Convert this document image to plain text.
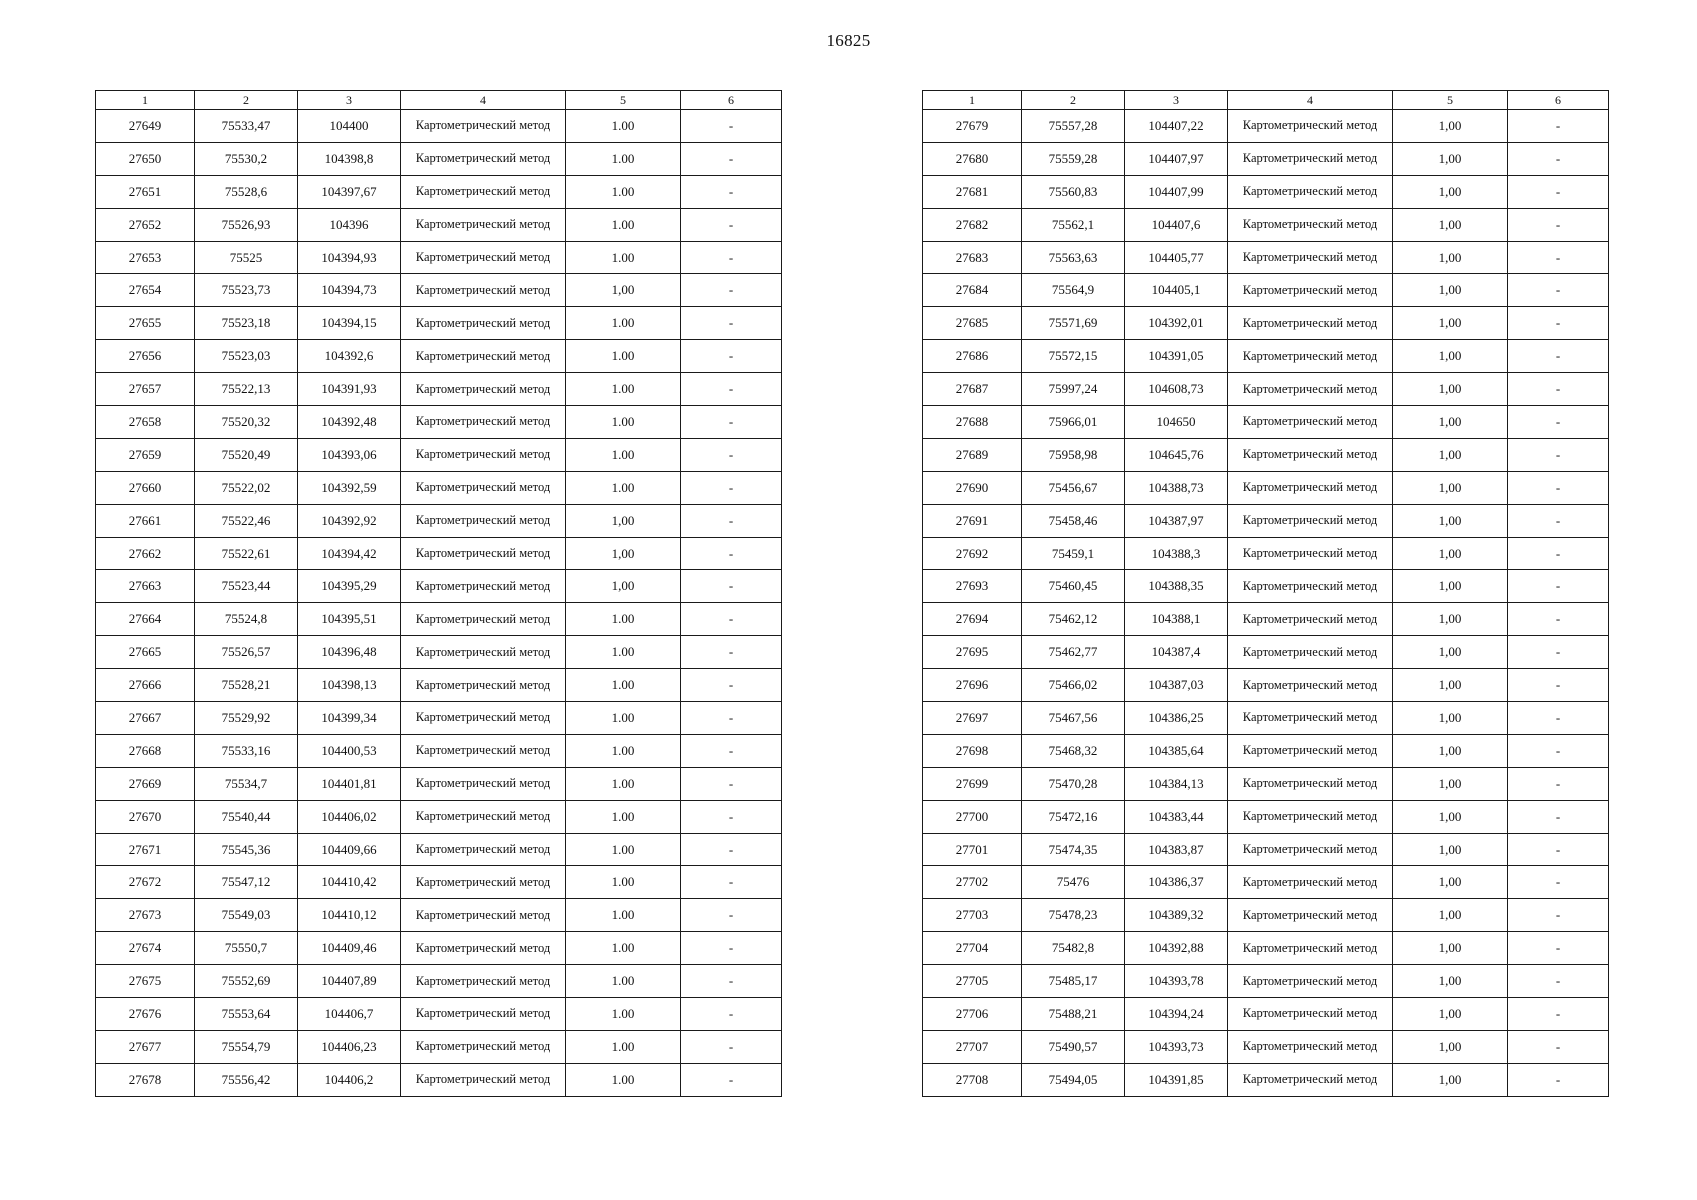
16825
1	2	3	4	5	6
27649	75533,47	104400	Картометрический метод	1.00	-
27650	75530,2	104398,8	Картометрический метод	1.00	-
27651	75528,6	104397,67	Картометрический метод	1.00	-
27652	75526,93	104396	Картометрический метод	1.00	-
27653	75525	104394,93	Картометрический метод	1.00	-
27654	75523,73	104394,73	Картометрический метод	1,00	-
27655	75523,18	104394,15	Картометрический метод	1.00	-
27656	75523,03	104392,6	Картометрический метод	1.00	-
27657	75522,13	104391,93	Картометрический метод	1.00	-
27658	75520,32	104392,48	Картометрический метод	1.00	-
27659	75520,49	104393,06	Картометрический метод	1.00	-
27660	75522,02	104392,59	Картометрический метод	1.00	-
27661	75522,46	104392,92	Картометрический метод	1,00	-
27662	75522,61	104394,42	Картометрический метод	1,00	-
27663	75523,44	104395,29	Картометрический метод	1,00	-
27664	75524,8	104395,51	Картометрический метод	1.00	-
27665	75526,57	104396,48	Картометрический метод	1.00	-
27666	75528,21	104398,13	Картометрический метод	1.00	-
27667	75529,92	104399,34	Картометрический метод	1.00	-
27668	75533,16	104400,53	Картометрический метод	1.00	-
27669	75534,7	104401,81	Картометрический метод	1.00	-
27670	75540,44	104406,02	Картометрический метод	1.00	-
27671	75545,36	104409,66	Картометрический метод	1.00	-
27672	75547,12	104410,42	Картометрический метод	1.00	-
27673	75549,03	104410,12	Картометрический метод	1.00	-
27674	75550,7	104409,46	Картометрический метод	1.00	-
27675	75552,69	104407,89	Картометрический метод	1.00	-
27676	75553,64	104406,7	Картометрический метод	1.00	-
27677	75554,79	104406,23	Картометрический метод	1.00	-
27678	75556,42	104406,2	Картометрический метод	1.00	-
1	2	3	4	5	6
27679	75557,28	104407,22	Картометрический метод	1,00	-
27680	75559,28	104407,97	Картометрический метод	1,00	-
27681	75560,83	104407,99	Картометрический метод	1,00	-
27682	75562,1	104407,6	Картометрический метод	1,00	-
27683	75563,63	104405,77	Картометрический метод	1,00	-
27684	75564,9	104405,1	Картометрический метод	1,00	-
27685	75571,69	104392,01	Картометрический метод	1,00	-
27686	75572,15	104391,05	Картометрический метод	1,00	-
27687	75997,24	104608,73	Картометрический метод	1,00	-
27688	75966,01	104650	Картометрический метод	1,00	-
27689	75958,98	104645,76	Картометрический метод	1,00	-
27690	75456,67	104388,73	Картометрический метод	1,00	-
27691	75458,46	104387,97	Картометрический метод	1,00	-
27692	75459,1	104388,3	Картометрический метод	1,00	-
27693	75460,45	104388,35	Картометрический метод	1,00	-
27694	75462,12	104388,1	Картометрический метод	1,00	-
27695	75462,77	104387,4	Картометрический метод	1,00	-
27696	75466,02	104387,03	Картометрический метод	1,00	-
27697	75467,56	104386,25	Картометрический метод	1,00	-
27698	75468,32	104385,64	Картометрический метод	1,00	-
27699	75470,28	104384,13	Картометрический метод	1,00	-
27700	75472,16	104383,44	Картометрический метод	1,00	-
27701	75474,35	104383,87	Картометрический метод	1,00	-
27702	75476	104386,37	Картометрический метод	1,00	-
27703	75478,23	104389,32	Картометрический метод	1,00	-
27704	75482,8	104392,88	Картометрический метод	1,00	-
27705	75485,17	104393,78	Картометрический метод	1,00	-
27706	75488,21	104394,24	Картометрический метод	1,00	-
27707	75490,57	104393,73	Картометрический метод	1,00	-
27708	75494,05	104391,85	Картометрический метод	1,00	-
